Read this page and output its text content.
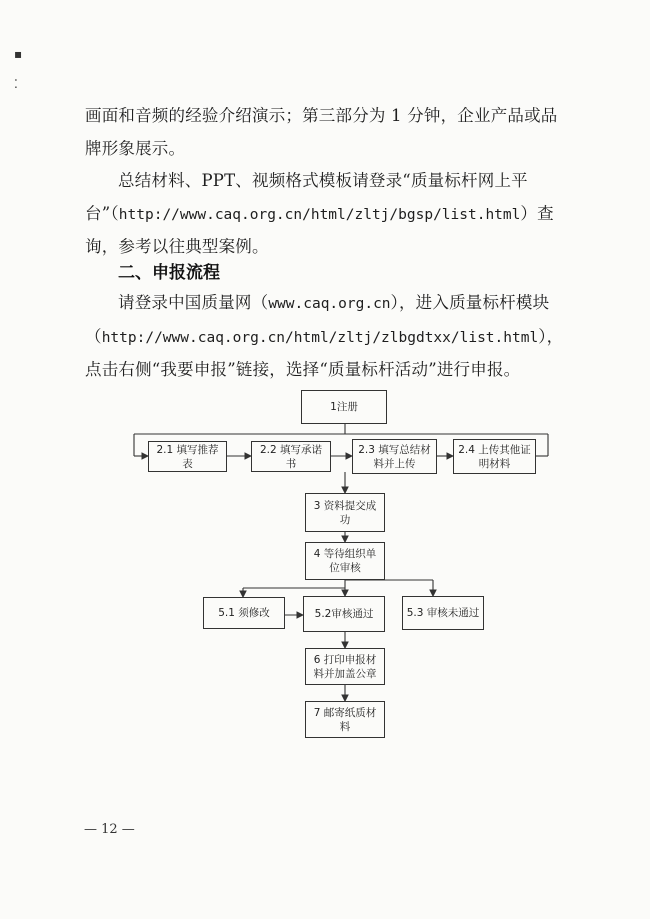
▪
⁚

画面和音频的经验介绍演示；第三部分为 1 分钟，企业产品或品牌形象展示。

总结材料、PPT、视频格式模板请登录“质量标杆网上平台”（http://www.caq.org.cn/html/zltj/bgsp/list.html）查询，参考以往典型案例。

二、申报流程

请登录中国质量网（www.caq.org.cn），进入质量标杆模块（http://www.caq.org.cn/html/zltj/zlbgdtxx/list.html），点击右侧“我要申报”链接，选择“质量标杆活动”进行申报。

1注册
2.1 填写推荐表
2.2 填写承诺书
2.3 填写总结材料并上传
2.4 上传其他证明材料
3 资料提交成功
4 等待组织单位审核
5.1 须修改	5.2审核通过	5.3 审核未通过
6 打印申报材料并加盖公章
7 邮寄纸质材料
— 12 —
